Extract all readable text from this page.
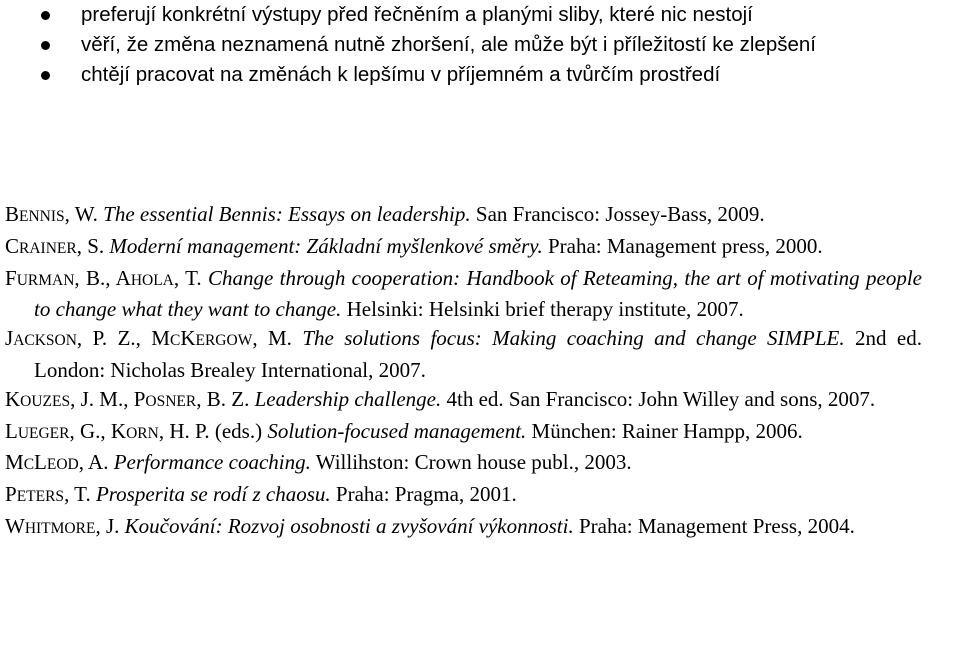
preferují konkrétní výstupy před řečněním a planými sliby, které nic nestojí
věří, že změna neznamená nutně zhoršení, ale může být i příležitostí ke zlepšení
chtějí pracovat na změnách k lepšímu v příjemném a tvůrčím prostředí

BENNIS, W. The essential Bennis: Essays on leadership. San Francisco: Jossey-Bass, 2009.

CRAINER, S. Moderní management: Základní myšlenkové směry. Praha: Management press, 2000.

FURMAN, B., AHOLA, T. Change through cooperation: Handbook of Reteaming, the art of motivating people to change what they want to change. Helsinki: Helsinki brief therapy institute, 2007.

JACKSON, P. Z., MCKERGOW, M. The solutions focus: Making coaching and change SIMPLE. 2nd ed. London: Nicholas Brealey International, 2007.

KOUZES, J. M., POSNER, B. Z. Leadership challenge. 4th ed. San Francisco: John Willey and sons, 2007.

LUEGER, G., KORN, H. P. (eds.) Solution-focused management. München: Rainer Hampp, 2006.

MCLEOD, A. Performance coaching. Willihston: Crown house publ., 2003.

PETERS, T. Prosperita se rodí z chaosu. Praha: Pragma, 2001.

WHITMORE, J. Koučování: Rozvoj osobnosti a zvyšování výkonnosti. Praha: Management Press, 2004.
